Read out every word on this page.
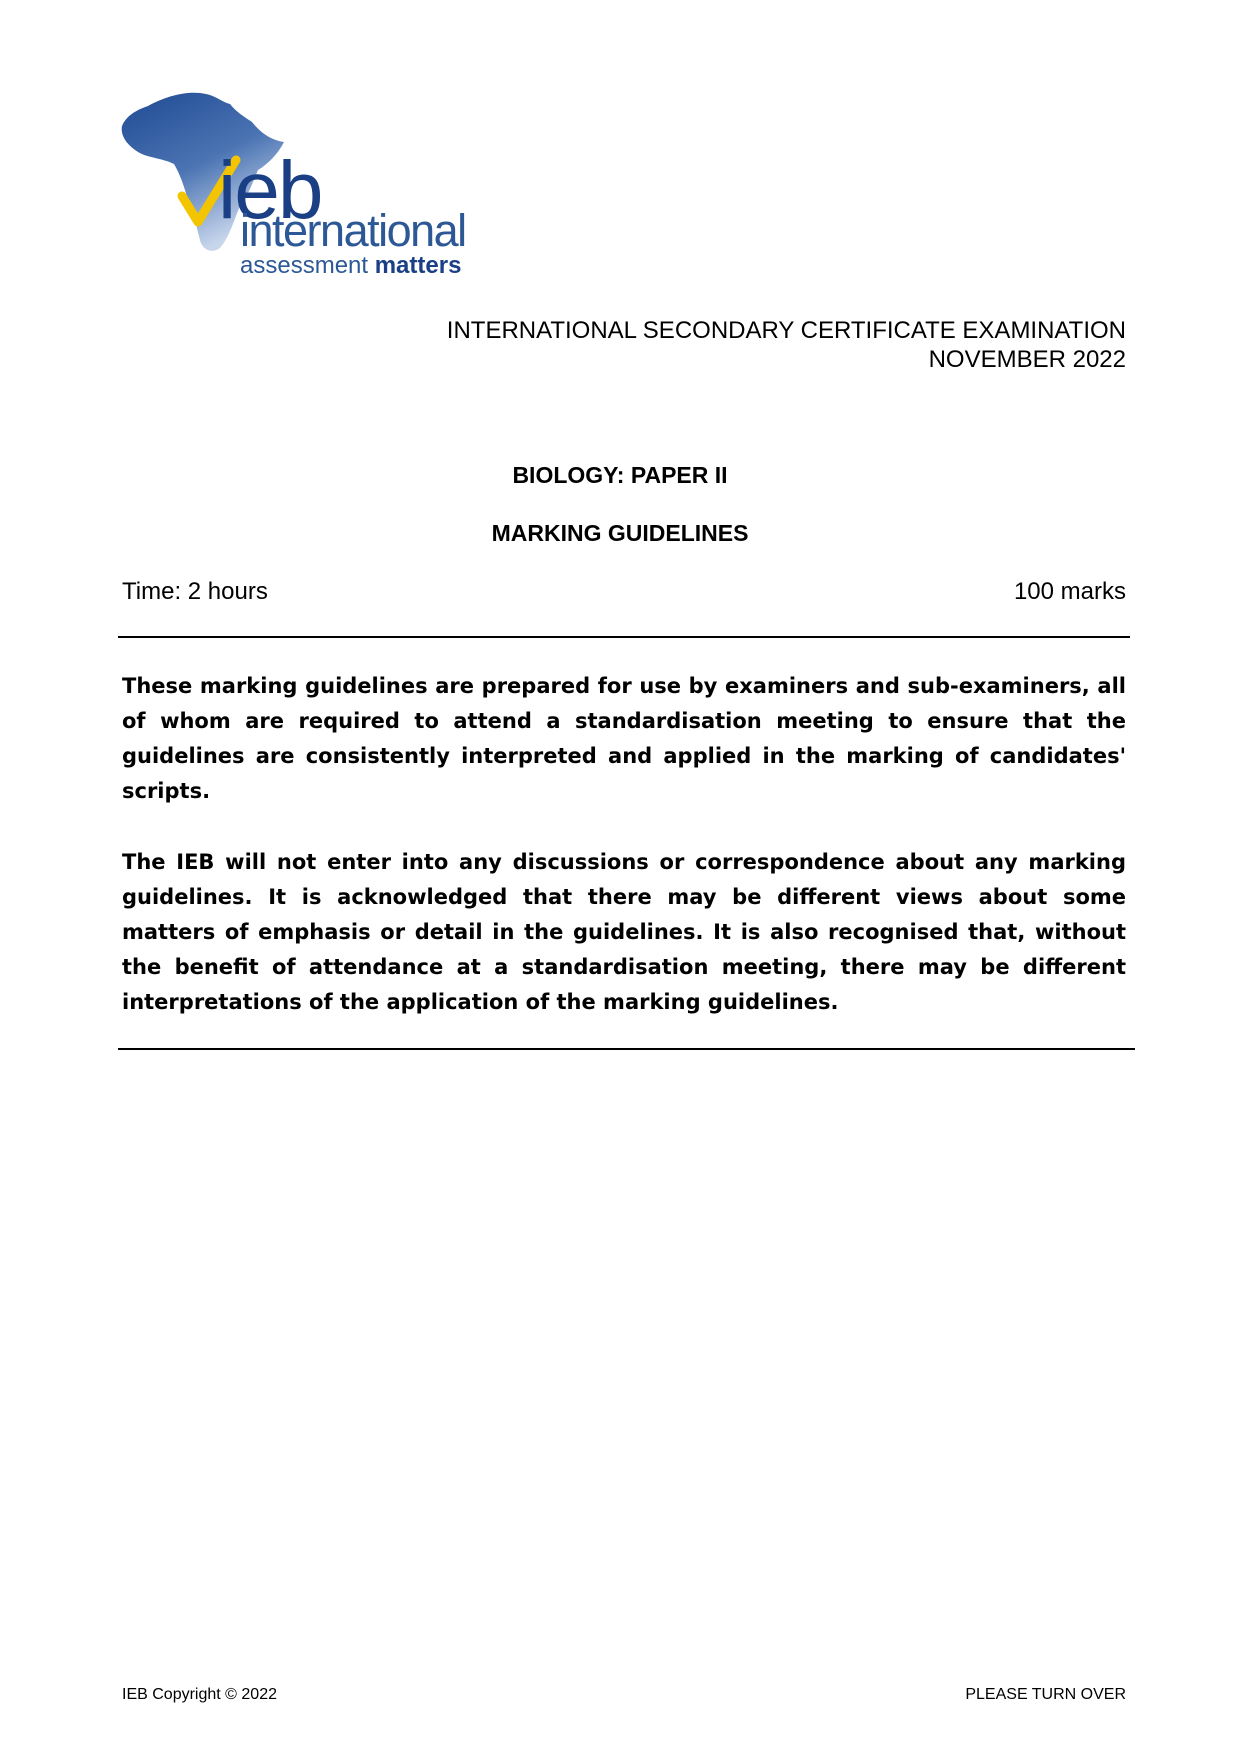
ieb
international
assessment matters
INTERNATIONAL SECONDARY CERTIFICATE EXAMINATION
NOVEMBER 2022
BIOLOGY: PAPER II
MARKING GUIDELINES
Time: 2 hours	100 marks

These marking guidelines are prepared for use by examiners and sub-examiners, all of whom are required to attend a standardisation meeting to ensure that the guidelines are consistently interpreted and applied in the marking of candidates' scripts.

The IEB will not enter into any discussions or correspondence about any marking guidelines. It is acknowledged that there may be different views about some matters of emphasis or detail in the guidelines. It is also recognised that, without the benefit of attendance at a standardisation meeting, there may be different interpretations of the application of the marking guidelines.

IEB Copyright © 2022	PLEASE TURN OVER
